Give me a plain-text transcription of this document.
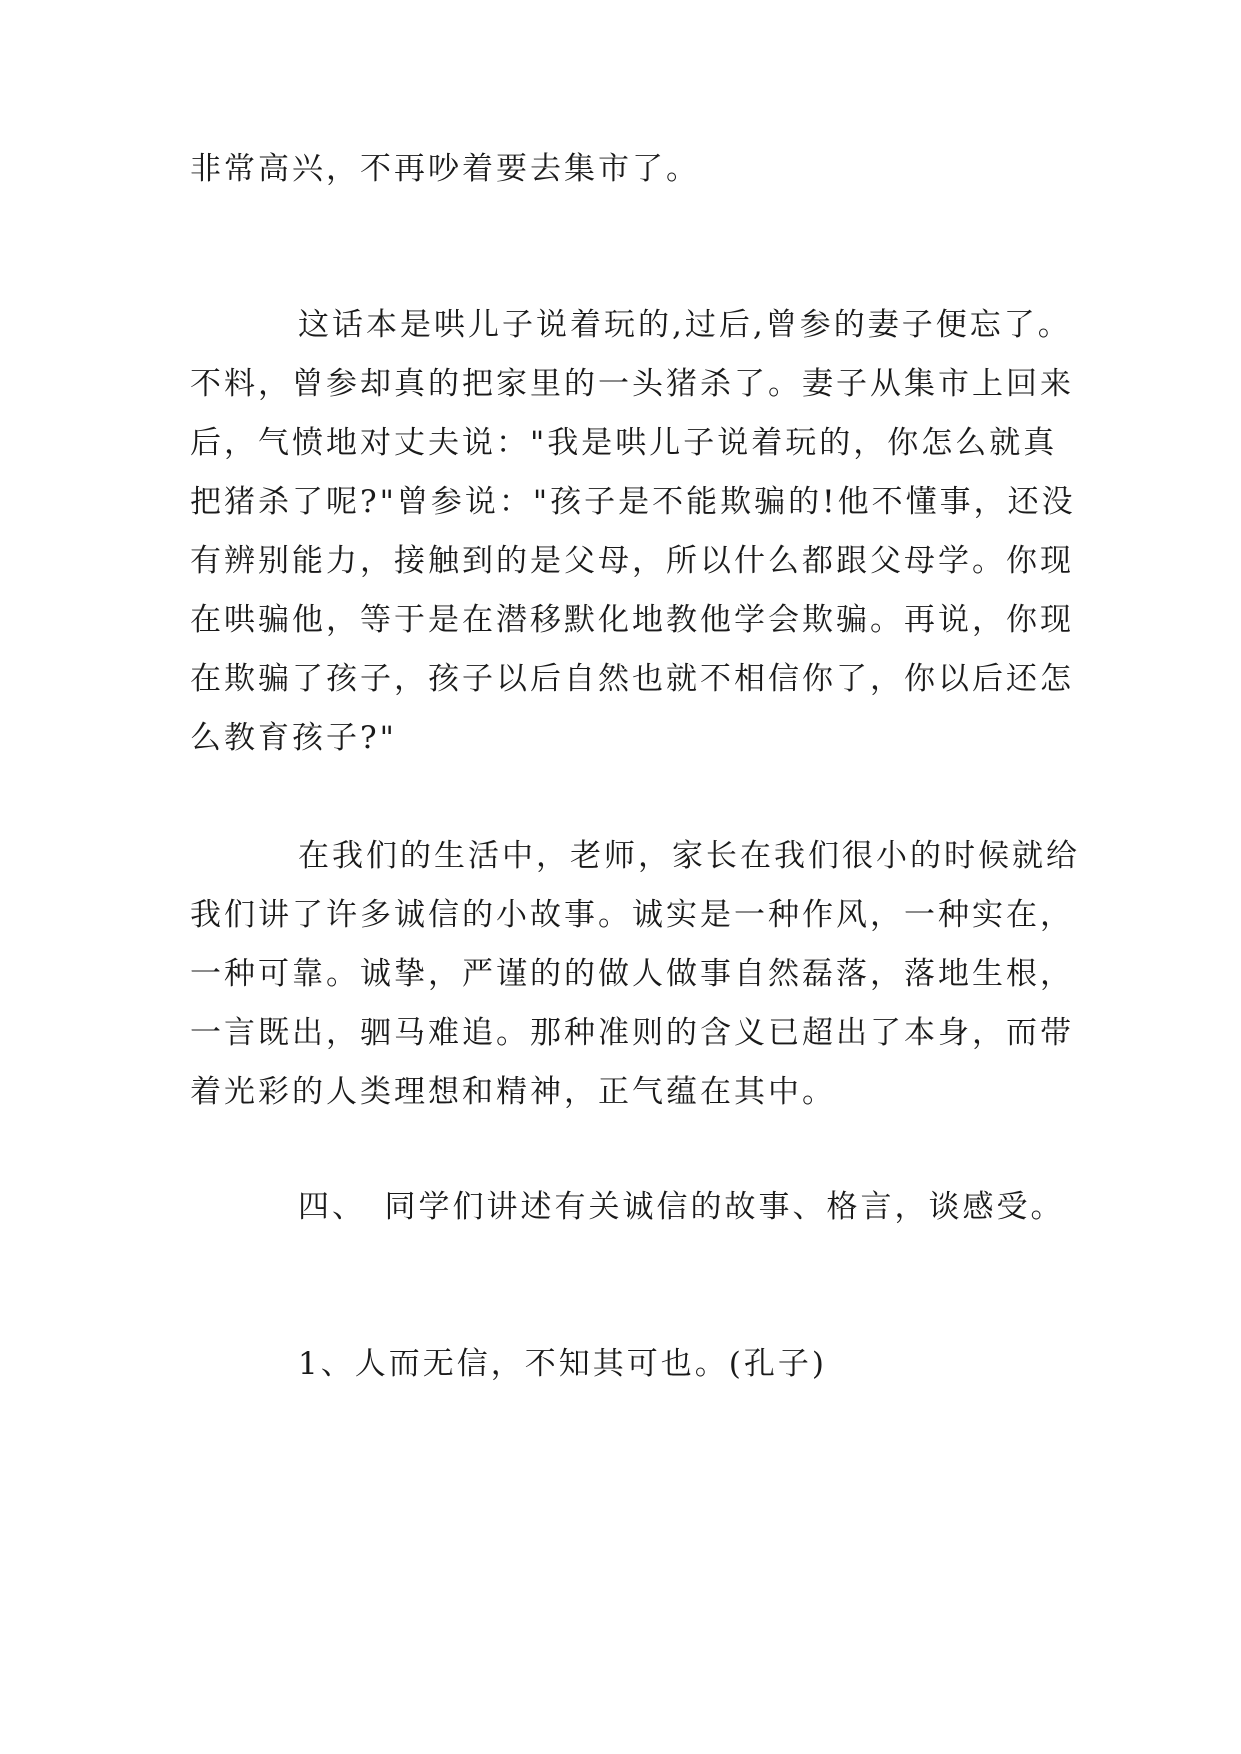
非常高兴，不再吵着要去集市了。

这话本是哄儿子说着玩的,过后,曾参的妻子便忘了。
不料，曾参却真的把家里的一头猪杀了。妻子从集市上回来
后，气愤地对丈夫说："我是哄儿子说着玩的，你怎么就真
把猪杀了呢?"曾参说："孩子是不能欺骗的!他不懂事，还没
有辨别能力，接触到的是父母，所以什么都跟父母学。你现
在哄骗他，等于是在潜移默化地教他学会欺骗。再说，你现
在欺骗了孩子，孩子以后自然也就不相信你了，你以后还怎
么教育孩子?"

在我们的生活中，老师，家长在我们很小的时候就给
我们讲了许多诚信的小故事。诚实是一种作风，一种实在，
一种可靠。诚挚，严谨的的做人做事自然磊落，落地生根，
一言既出，驷马难追。那种准则的含义已超出了本身，而带
着光彩的人类理想和精神，正气蕴在其中。

四、　同学们讲述有关诚信的故事、格言，谈感受。

1、人而无信，不知其可也。(孔子)
